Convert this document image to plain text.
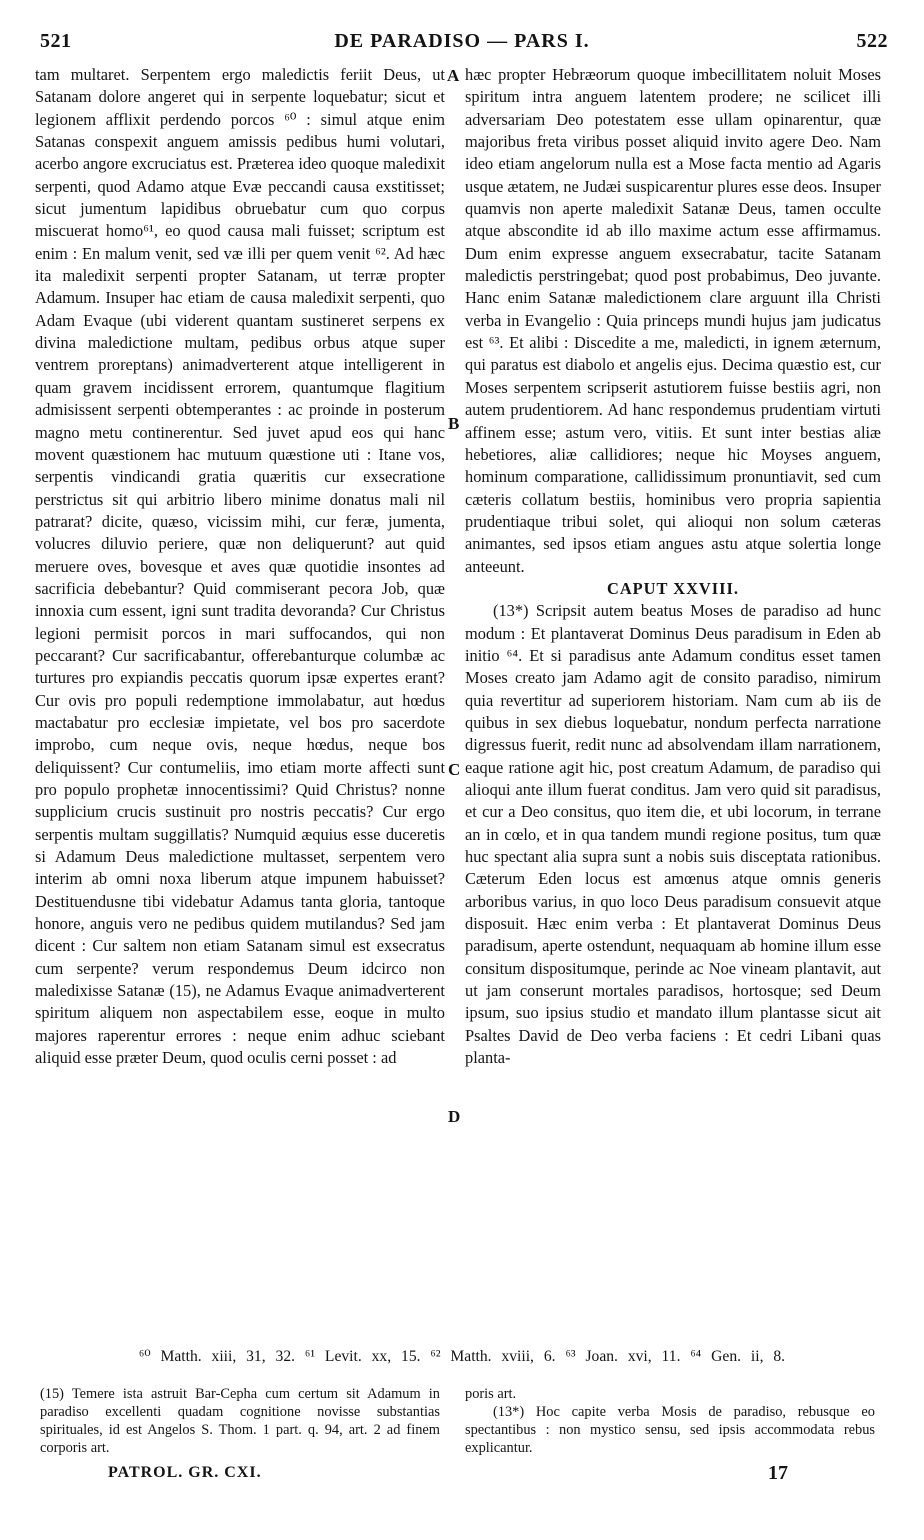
521	DE PARADISO — PARS I.	522
A
B
C
D

tam multaret. Serpentem ergo maledictis feriit Deus, ut Satanam dolore angeret qui in serpente loquebatur; sicut et legionem afflixit perdendo porcos ⁶⁰ : simul atque enim Satanas conspexit anguem amissis pedibus humi volutari, acerbo angore excruciatus est. Præterea ideo quoque maledixit serpenti, quod Adamo atque Evæ peccandi causa exstitisset; sicut jumentum lapidibus obruebatur cum quo corpus miscuerat homo⁶¹, eo quod causa mali fuisset; scriptum est enim : En malum venit, sed væ illi per quem venit ⁶². Ad hæc ita maledixit serpenti propter Satanam, ut terræ propter Adamum. Insuper hac etiam de causa maledixit serpenti, quo Adam Evaque (ubi viderent quantam sustineret serpens ex divina maledictione multam, pedibus orbus atque super ventrem proreptans) animadverterent atque intelligerent in quam gravem incidissent errorem, quantumque flagitium admisissent serpenti obtemperantes : ac proinde in posterum magno metu continerentur. Sed juvet apud eos qui hanc movent quæstionem hac mutuum quæstione uti : Itane vos, serpentis vindicandi gratia quæritis cur exsecratione perstrictus sit qui arbitrio libero minime donatus mali nil patrarat? dicite, quæso, vicissim mihi, cur feræ, jumenta, volucres diluvio periere, quæ non deliquerunt? aut quid meruere oves, bovesque et aves quæ quotidie insontes ad sacrificia debebantur? Quid commiserant pecora Job, quæ innoxia cum essent, igni sunt tradita devoranda? Cur Christus legioni permisit porcos in mari suffocandos, qui non peccarant? Cur sacrificabantur, offerebanturque columbæ ac turtures pro expiandis peccatis quorum ipsæ expertes erant? Cur ovis pro populi redemptione immolabatur, aut hœdus mactabatur pro ecclesiæ impietate, vel bos pro sacerdote improbo, cum neque ovis, neque hœdus, neque bos deliquissent? Cur contumeliis, imo etiam morte affecti sunt pro populo prophetæ innocentissimi? Quid Christus? nonne supplicium crucis sustinuit pro nostris peccatis? Cur ergo serpentis multam suggillatis? Numquid æquius esse duceretis si Adamum Deus maledictione multasset, serpentem vero interim ab omni noxa liberum atque impunem habuisset? Destituendusne tibi videbatur Adamus tanta gloria, tantoque honore, anguis vero ne pedibus quidem mutilandus? Sed jam dicent : Cur saltem non etiam Satanam simul est exsecratus cum serpente? verum respondemus Deum idcirco non maledixisse Satanæ (15), ne Adamus Evaque animadverterent spiritum aliquem non aspectabilem esse, eoque in multo majores raperentur errores : neque enim adhuc sciebant aliquid esse præter Deum, quod oculis cerni posset : ad

hæc propter Hebræorum quoque imbecillitatem noluit Moses spiritum intra anguem latentem prodere; ne scilicet illi adversariam Deo potestatem esse ullam opinarentur, quæ majoribus freta viribus posset aliquid invito agere Deo. Nam ideo etiam angelorum nulla est a Mose facta mentio ad Agaris usque ætatem, ne Judæi suspicarentur plures esse deos. Insuper quamvis non aperte maledixit Satanæ Deus, tamen occulte atque abscondite id ab illo maxime actum esse affirmamus. Dum enim expresse anguem exsecrabatur, tacite Satanam maledictis perstringebat; quod post probabimus, Deo juvante. Hanc enim Satanæ maledictionem clare arguunt illa Christi verba in Evangelio : Quia princeps mundi hujus jam judicatus est ⁶³. Et alibi : Discedite a me, maledicti, in ignem æternum, qui paratus est diabolo et angelis ejus. Decima quæstio est, cur Moses serpentem scripserit astutiorem fuisse bestiis agri, non autem prudentiorem. Ad hanc respondemus prudentiam virtuti affinem esse; astum vero, vitiis. Et sunt inter bestias aliæ hebetiores, aliæ callidiores; neque hic Moyses anguem, hominum comparatione, callidissimum pronuntiavit, sed cum cæteris collatum bestiis, hominibus vero propria sapientia prudentiaque tribui solet, qui alioqui non solum cæteras animantes, sed ipsos etiam angues astu atque solertia longe anteeunt.

CAPUT XXVIII.

(13*) Scripsit autem beatus Moses de paradiso ad hunc modum : Et plantaverat Dominus Deus paradisum in Eden ab initio ⁶⁴. Et si paradisus ante Adamum conditus esset tamen Moses creato jam Adamo agit de consito paradiso, nimirum quia revertitur ad superiorem historiam. Nam cum ab iis de quibus in sex diebus loquebatur, nondum perfecta narratione digressus fuerit, redit nunc ad absolvendam illam narrationem, eaque ratione agit hic, post creatum Adamum, de paradiso qui alioqui ante illum fuerat conditus. Jam vero quid sit paradisus, et cur a Deo consitus, quo item die, et ubi locorum, in terrane an in cœlo, et in qua tandem mundi regione positus, tum quæ huc spectant alia supra sunt a nobis suis disceptata rationibus. Cæterum Eden locus est amœnus atque omnis generis arboribus varius, in quo loco Deus paradisum consuevit atque disposuit. Hæc enim verba : Et plantaverat Dominus Deus paradisum, aperte ostendunt, nequaquam ab homine illum esse consitum dispositumque, perinde ac Noe vineam plantavit, aut ut jam conserunt mortales paradisos, hortosque; sed Deum ipsum, suo ipsius studio et mandato illum plantasse sicut ait Psaltes David de Deo verba faciens : Et cedri Libani quas planta-

⁶⁰ Matth. xiii, 31, 32. ⁶¹ Levit. xx, 15. ⁶² Matth. xviii, 6. ⁶³ Joan. xvi, 11. ⁶⁴ Gen. ii, 8.

(15) Temere ista astruit Bar-Cepha cum certum sit Adamum in paradiso excellenti quadam cognitione novisse substantias spirituales, id est Angelos S. Thom. 1 part. q. 94, art. 2 ad finem corporis art.

poris art.

(13*) Hoc capite verba Mosis de paradiso, rebusque eo spectantibus : non mystico sensu, sed ipsis accommodata rebus explicantur.

PATROL. GR. CXI.	17
